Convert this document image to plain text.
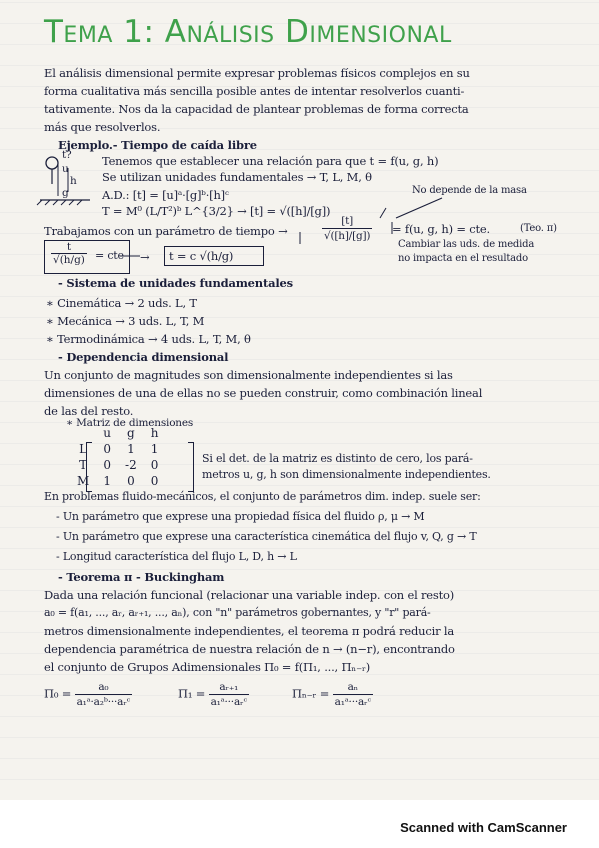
Tema 1: Análisis Dimensional
El análisis dimensional permite expresar problemas físicos complejos en su
forma cualitativa más sencilla posible antes de intentar resolverlos cuanti-
tativamente. Nos da la capacidad de plantear problemas de forma correcta
más que resolverlos.
Ejemplo.- Tiempo de caída libre
t?
u
h
g
Tenemos que establecer una relación para que t = f(u, g, h)
Se utilizan unidades fundamentales → T, L, M, θ
A.D.: [t] = [u]ᵃ·[g]ᵇ·[h]ᶜ
T = M⁰ (L/T²)ᵇ L^{3/2} → [t] = √([h]/[g])
No depende de la masa
Trabajamos con un parámetro de tiempo →	$\frac{[t]}{√([h]/[g])} = f(u$, g, h) = cte.	(Teo. π)
Cambiar las uds. de medida
no impacta en el resultado
$\frac{t}{√(h/g)}$ = cte → t = c √(h/g)
- Sistema de unidades fundamentales
∗ Cinemática → 2 uds. L, T
∗ Mecánica → 3 uds. L, T, M
∗ Termodinámica → 4 uds. L, T, M, θ
- Dependencia dimensional
Un conjunto de magnitudes son dimensionalmente independientes si las
dimensiones de una de ellas no se pueden construir, como combinación lineal
de las del resto.
∗ Matriz de dimensiones
	u	g	h
L	0	1	1
T	0	-2	0
M	1	0	0
Si el det. de la matriz es distinto de cero, los pará-
metros u, g, h son dimensionalmente independientes.
En problemas fluido-mecánicos, el conjunto de parámetros dim. indep. suele ser:
- Un parámetro que exprese una propiedad física del fluido ρ, μ → M
- Un parámetro que exprese una característica cinemática del flujo v, Q, g → T
- Longitud característica del flujo L, D, h → L
- Teorema π - Buckingham
Dada una relación funcional (relacionar una variable indep. con el resto)
a₀ = f(a₁, ..., aᵣ, aᵣ₊₁, ..., aₙ), con "n" parámetros gobernantes, y "r" pará-
metros dimensionalmente independientes, el teorema π podrá reducir la
dependencia paramétrica de nuestra relación de n → (n−r), encontrando
el conjunto de Grupos Adimensionales Π₀ = f(Π₁, ..., Πₙ₋ᵣ)
$\Pi_0 = \frac{\text{a₀}}{\text{a₁ᵃ·a₂ᵇ···aᵣᶜ}}$	$\Pi_1 = \frac{\text{aᵣ₊₁}}{\text{a₁ᵃ···aᵣᶜ}}$	Πₙ₋ᵣ = $\frac{\text{aₙ}}{\text{a₁ᵃ···aᵣᶜ}}$
Scanned with CamScanner
